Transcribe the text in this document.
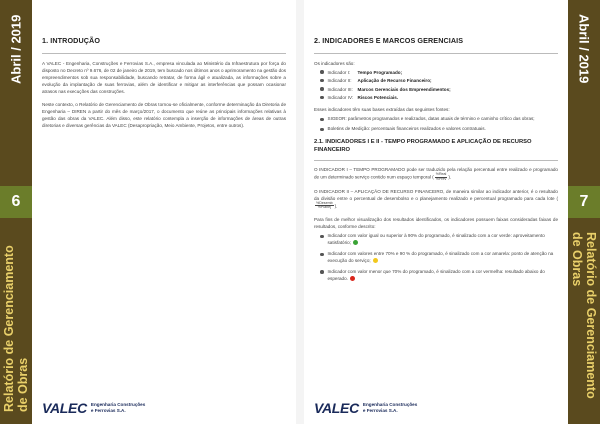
Abril / 2019
6
Relatório de Gerenciamento de Obras
1. INTRODUÇÃO

A VALEC - Engenharia, Construções e Ferrovias S.A., empresa vinculada ao Ministério da Infraestrutura por força do disposto no Decreto nº 9.676, de 02 de janeiro de 2019, tem buscado nos últimos anos o aprimoramento na gestão dos empreendimentos sob sua responsabilidade, buscando retratar, de forma ágil e atualizada, as informações sobre a evolução da implantação de suas ferrovias, além de identificar e mitigar as interferências que possam ocasionar atrasos nas execuções das construções.

Neste contexto, o Relatório de Gerenciamento de Obras tornou-se oficialmente, conforme determinação da Diretoria de Engenharia – DIREN a partir do mês de março/2017, o documento que reúne as principais informações relativas à gestão das obras da VALEC. Além disso, este relatório contempla a inserção de informações de áreas de outras diretorias e diversas gerências da VALEC (Desapropriação, Meio Ambiente, Projetos, entre outros).

VALEC Engenharia Construções
e Ferrovias S.A.
2. INDICADORES E MARCOS GERENCIAIS

Os indicadores são:

Indicador I:	Tempo Programado;
Indicador II:	Aplicação de Recurso Financeiro;
Indicador III:	Marcos Gerenciais dos Empreendimentos;
Indicador IV: Riscos Potenciais.

Esses indicadores têm suas bases extraídas das seguintes fontes:

SIGEOR: parâmetros programados e realizados, datas atuais de término e caminho crítico das obras;
Boletins de Medição: percentuais financeiros realizados e valores contratuais.
2.1. INDICADORES I E II - TEMPO PROGRAMADO E APLICAÇÃO DE RECURSO FINANCEIRO

O INDICADOR I – TEMPO PROGRAMADO pode ser traduzido pela relação percentual entre realizado e programado de um determinado serviço contido num espaço temporal ( $\frac{\text{\%Real}}{\text{\%Prev}}$ ).

O INDICADOR II – APLICAÇÃO DE RECURSO FINANCEIRO, de maneira similar ao indicador anterior, é o resultado da divisão entre o percentual de desembolso e o planejamento realizado e percentual programado para cada lote (
$\frac{\text{\%Desemb}}{\text{\%Planej}}$ ).

Para fins de melhor visualização dos resultados identificados, os indicadores possuem faixas consideradas faixas de resultados, conforme descrito:

Indicador com valor igual ou superior à 90% do programado, é sinalizado com a cor verde: aproveitamento satisfatório;
Indicador com valores entre 70% e 90 % do programado, é sinalizado com a cor amarela: ponto de atenção na execução do serviço;
Indicador com valor menor que 70% do programado, é sinalizado com a cor vermelha: resultado abaixo do esperado.
VALEC Engenharia Construções
e Ferrovias S.A.
Abril / 2019
7
Relatório de Gerenciamento de Obras
